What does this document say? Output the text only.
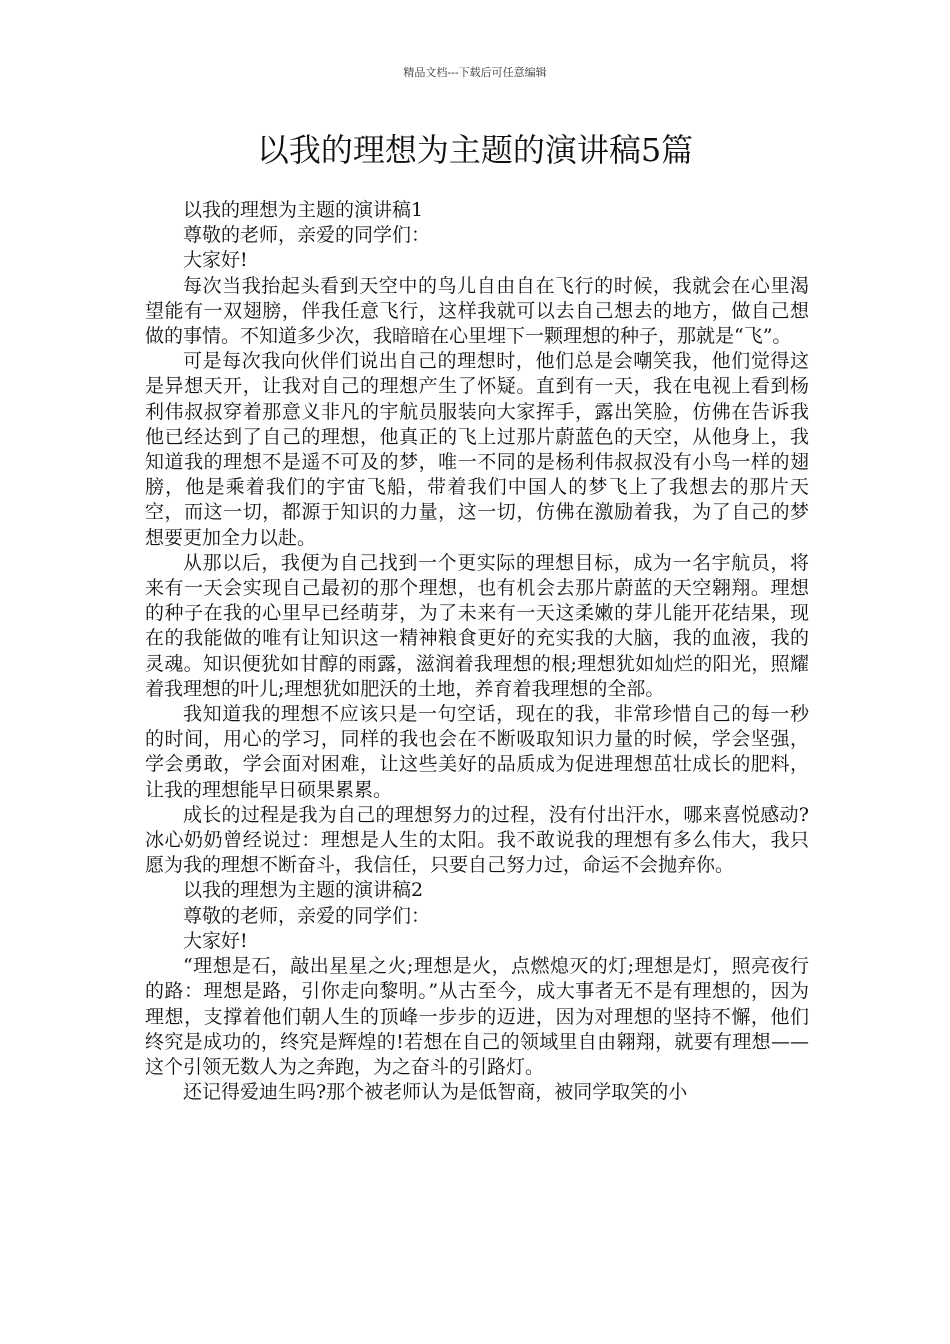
精品文档---下载后可任意编辑
以我的理想为主题的演讲稿5篇

以我的理想为主题的演讲稿1

尊敬的老师，亲爱的同学们：

大家好!

每次当我抬起头看到天空中的鸟儿自由自在飞行的时候，我就会在心里渴望能有一双翅膀，伴我任意飞行，这样我就可以去自己想去的地方，做自己想做的事情。不知道多少次，我暗暗在心里埋下一颗理想的种子，那就是“飞”。

可是每次我向伙伴们说出自己的理想时，他们总是会嘲笑我，他们觉得这是异想天开，让我对自己的理想产生了怀疑。直到有一天，我在电视上看到杨利伟叔叔穿着那意义非凡的宇航员服装向大家挥手，露出笑脸，仿佛在告诉我他已经达到了自己的理想，他真正的飞上过那片蔚蓝色的天空，从他身上，我知道我的理想不是遥不可及的梦，唯一不同的是杨利伟叔叔没有小鸟一样的翅膀，他是乘着我们的宇宙飞船，带着我们中国人的梦飞上了我想去的那片天空，而这一切，都源于知识的力量，这一切，仿佛在激励着我，为了自己的梦想要更加全力以赴。

从那以后，我便为自己找到一个更实际的理想目标，成为一名宇航员，将来有一天会实现自己最初的那个理想，也有机会去那片蔚蓝的天空翱翔。理想的种子在我的心里早已经萌芽，为了未来有一天这柔嫩的芽儿能开花结果，现在的我能做的唯有让知识这一精神粮食更好的充实我的大脑，我的血液，我的灵魂。知识便犹如甘醇的雨露，滋润着我理想的根;理想犹如灿烂的阳光，照耀着我理想的叶儿;理想犹如肥沃的土地，养育着我理想的全部。

我知道我的理想不应该只是一句空话，现在的我，非常珍惜自己的每一秒的时间，用心的学习，同样的我也会在不断吸取知识力量的时候，学会坚强，学会勇敢，学会面对困难，让这些美好的品质成为促进理想茁壮成长的肥料，让我的理想能早日硕果累累。

成长的过程是我为自己的理想努力的过程，没有付出汗水，哪来喜悦感动?冰心奶奶曾经说过：理想是人生的太阳。我不敢说我的理想有多么伟大，我只愿为我的理想不断奋斗，我信任，只要自己努力过，命运不会抛弃你。

以我的理想为主题的演讲稿2

尊敬的老师，亲爱的同学们：

大家好!

“理想是石，敲出星星之火;理想是火，点燃熄灭的灯;理想是灯，照亮夜行的路：理想是路，引你走向黎明。”从古至今，成大事者无不是有理想的，因为理想，支撑着他们朝人生的顶峰一步步的迈进，因为对理想的坚持不懈，他们终究是成功的，终究是辉煌的!若想在自己的领域里自由翱翔，就要有理想——这个引领无数人为之奔跑，为之奋斗的引路灯。

还记得爱迪生吗?那个被老师认为是低智商，被同学取笑的小
